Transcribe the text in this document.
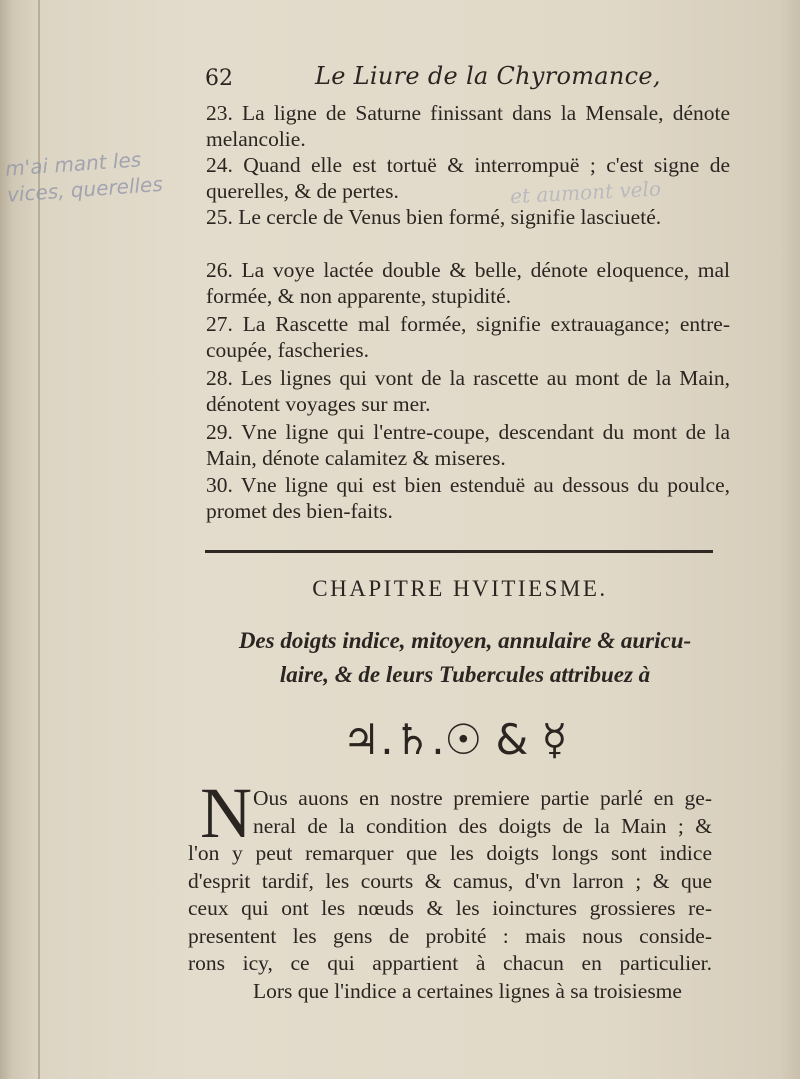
m'ai mant les
vices, querelles	et aumont velo
62	Le Liure de la Chyromance,
23. La ligne de Saturne finissant dans la Mensale, dénote melancolie.
24. Quand elle est tortuë & interrompuë ; c'est signe de querelles, & de pertes.
25. Le cercle de Venus bien formé, signifie lasciueté.
26. La voye lactée double & belle, dénote eloquence, mal formée, & non apparente, stupidité.
27. La Rascette mal formée, signifie extrauagance; entre-coupée, fascheries.
28. Les lignes qui vont de la rascette au mont de la Main, dénotent voyages sur mer.
29. Vne ligne qui l'entre-coupe, descendant du mont de la Main, dénote calamitez & miseres.
30. Vne ligne qui est bien estenduë au dessous du poulce, promet des bien-faits.
CHAPITRE HVITIESME.
Des doigts indice, mitoyen, annulaire & auricu-
laire, & de leurs Tubercules attribuez à
♃.♄.☉ & ☿
N Ous auons en nostre premiere partie parlé en ge-
neral de la condition des doigts de la Main ; &
l'on y peut remarquer que les doigts longs sont indice
d'esprit tardif, les courts & camus, d'vn larron ; & que
ceux qui ont les nœuds & les ioinctures grossieres re-
presentent les gens de probité : mais nous conside-
rons icy, ce qui appartient à chacun en particulier.
Lors que l'indice a certaines lignes à sa troisiesme
